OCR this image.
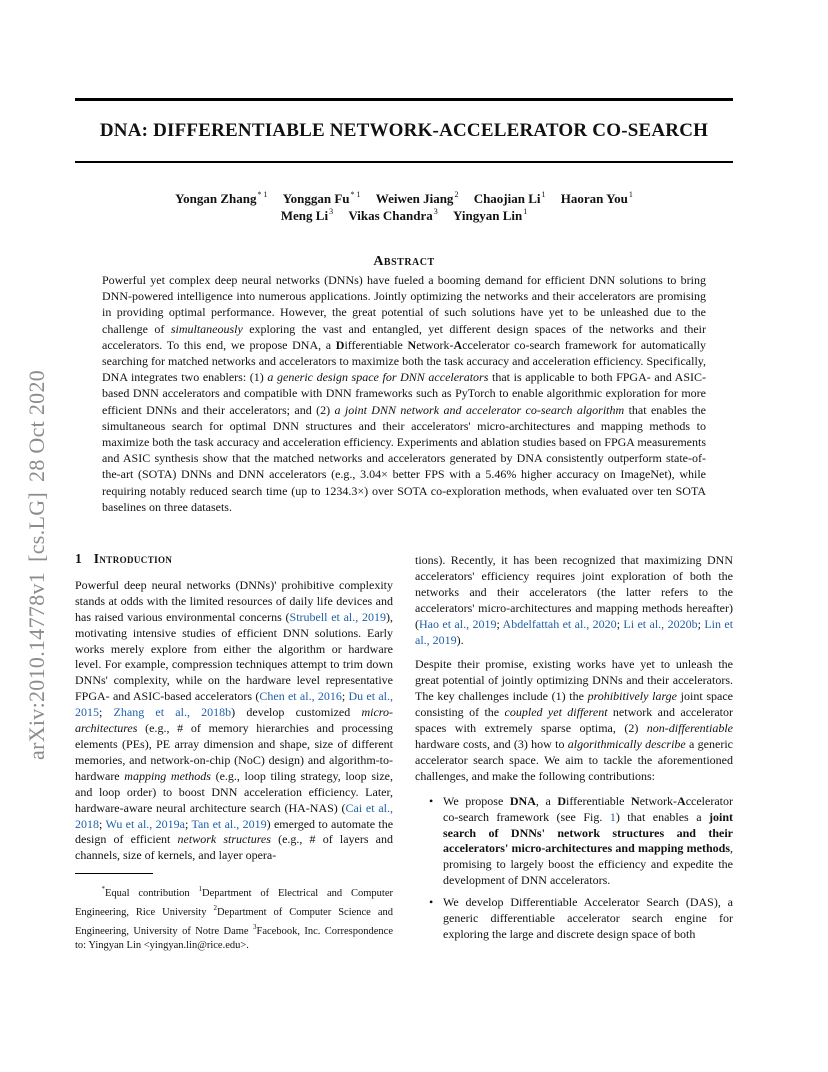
DNA: DIFFERENTIABLE NETWORK-ACCELERATOR CO-SEARCH
Yongan Zhang$^{* 1}$ Yonggan Fu$^{* 1}$ Weiwen Jiang$^2$ Chaojian Li$^1$ Haoran You$^1$
Meng Li$^3$ Vikas Chandra$^3$ Yingyan Lin$^1$
Abstract
Powerful yet complex deep neural networks (DNNs) have fueled a booming demand for efficient DNN solutions to bring DNN-powered intelligence into numerous applications. Jointly optimizing the networks and their accelerators are promising in providing optimal performance. However, the great potential of such solutions have yet to be unleashed due to the challenge of simultaneously exploring the vast and entangled, yet different design spaces of the networks and their accelerators. To this end, we propose DNA, a Differentiable Network-Accelerator co-search framework for automatically searching for matched networks and accelerators to maximize both the task accuracy and acceleration efficiency. Specifically, DNA integrates two enablers: (1) a generic design space for DNN accelerators that is applicable to both FPGA- and ASIC-based DNN accelerators and compatible with DNN frameworks such as PyTorch to enable algorithmic exploration for more efficient DNNs and their accelerators; and (2) a joint DNN network and accelerator co-search algorithm that enables the simultaneous search for optimal DNN structures and their accelerators' micro-architectures and mapping methods to maximize both the task accuracy and acceleration efficiency. Experiments and ablation studies based on FPGA measurements and ASIC synthesis show that the matched networks and accelerators generated by DNA consistently outperform state-of-the-art (SOTA) DNNs and DNN accelerators (e.g., 3.04× better FPS with a 5.46% higher accuracy on ImageNet), while requiring notably reduced search time (up to 1234.3×) over SOTA co-exploration methods, when evaluated over ten SOTA baselines on three datasets.
arXiv:2010.14778v1[cs.LG]28 Oct 2020
1 Introduction

Powerful deep neural networks (DNNs)' prohibitive complexity stands at odds with the limited resources of daily life devices and has raised various environmental concerns (Strubell et al., 2019), motivating intensive studies of efficient DNN solutions. Early works merely explore from either the algorithm or hardware level. For example, compression techniques attempt to trim down DNNs' complexity, while on the hardware level representative FPGA- and ASIC-based accelerators (Chen et al., 2016; Du et al., 2015; Zhang et al., 2018b) develop customized micro-architectures (e.g., # of memory hierarchies and processing elements (PEs), PE array dimension and shape, size of different memories, and network-on-chip (NoC) design) and algorithm-to-hardware mapping methods (e.g., loop tiling strategy, loop size, and loop order) to boost DNN acceleration efficiency. Later, hardware-aware neural architecture search (HA-NAS) (Cai et al., 2018; Wu et al., 2019a; Tan et al., 2019) emerged to automate the design of efficient network structures (e.g., # of layers and channels, size of kernels, and layer opera-

*Equal contribution $^1$Department of Electrical and Computer Engineering, Rice University $^2$Department of Computer Science and Engineering, University of Notre Dame $^3$Facebook, Inc. Correspondence to: Yingyan Lin <yingyan.lin@rice.edu>.

tions). Recently, it has been recognized that maximizing DNN accelerators' efficiency requires joint exploration of both the networks and their accelerators (the latter refers to the accelerators' micro-architectures and mapping methods hereafter) (Hao et al., 2019; Abdelfattah et al., 2020; Li et al., 2020b; Lin et al., 2019).

Despite their promise, existing works have yet to unleash the great potential of jointly optimizing DNNs and their accelerators. The key challenges include (1) the prohibitively large joint space consisting of the coupled yet different network and accelerator spaces with extremely sparse optima, (2) non-differentiable hardware costs, and (3) how to algorithmically describe a generic accelerator search space. We aim to tackle the aforementioned challenges, and make the following contributions:

• We propose DNA, a Differentiable Network-Accelerator co-search framework (see Fig. 1) that enables a joint search of DNNs' network structures and their accelerators' micro-architectures and mapping methods, promising to largely boost the efficiency and expedite the development of DNN accelerators.
• We develop Differentiable Accelerator Search (DAS), a generic differentiable accelerator search engine for exploring the large and discrete design space of both
